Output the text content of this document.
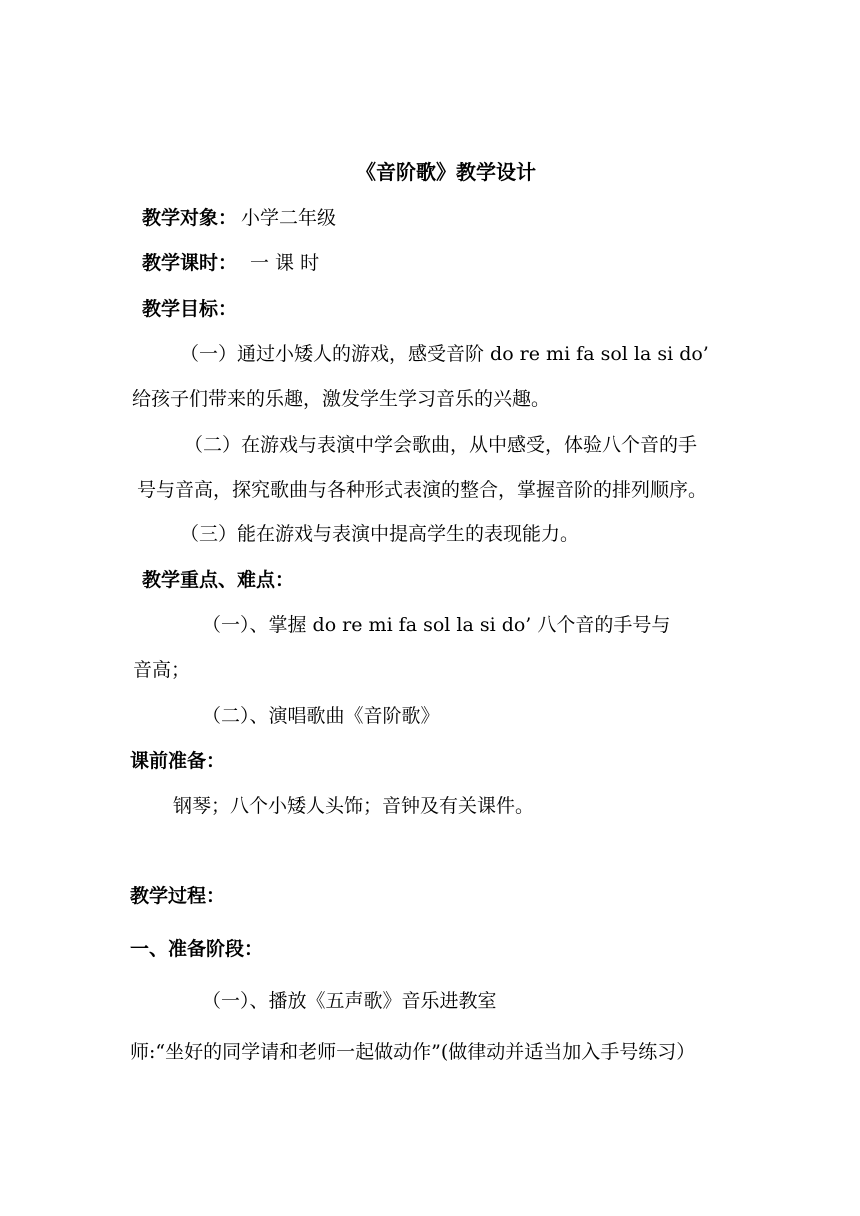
《音阶歌》教学设计
教学对象： 小学二年级
教学课时： 一 课 时
教学目标：
（一）通过小矮人的游戏，感受音阶 do re mi fa sol la si do’
给孩子们带来的乐趣，激发学生学习音乐的兴趣。
（二）在游戏与表演中学会歌曲，从中感受，体验八个音的手
号与音高，探究歌曲与各种形式表演的整合，掌握音阶的排列顺序。
（三）能在游戏与表演中提高学生的表现能力。
教学重点、难点：
（一）、掌握 do re mi fa sol la si do’ 八个音的手号与
音高；
（二）、演唱歌曲《音阶歌》
课前准备：
钢琴；八个小矮人头饰；音钟及有关课件。
教学过程：
一、准备阶段：
（一）、播放《五声歌》音乐进教室
师:“坐好的同学请和老师一起做动作”(做律动并适当加入手号练习）
